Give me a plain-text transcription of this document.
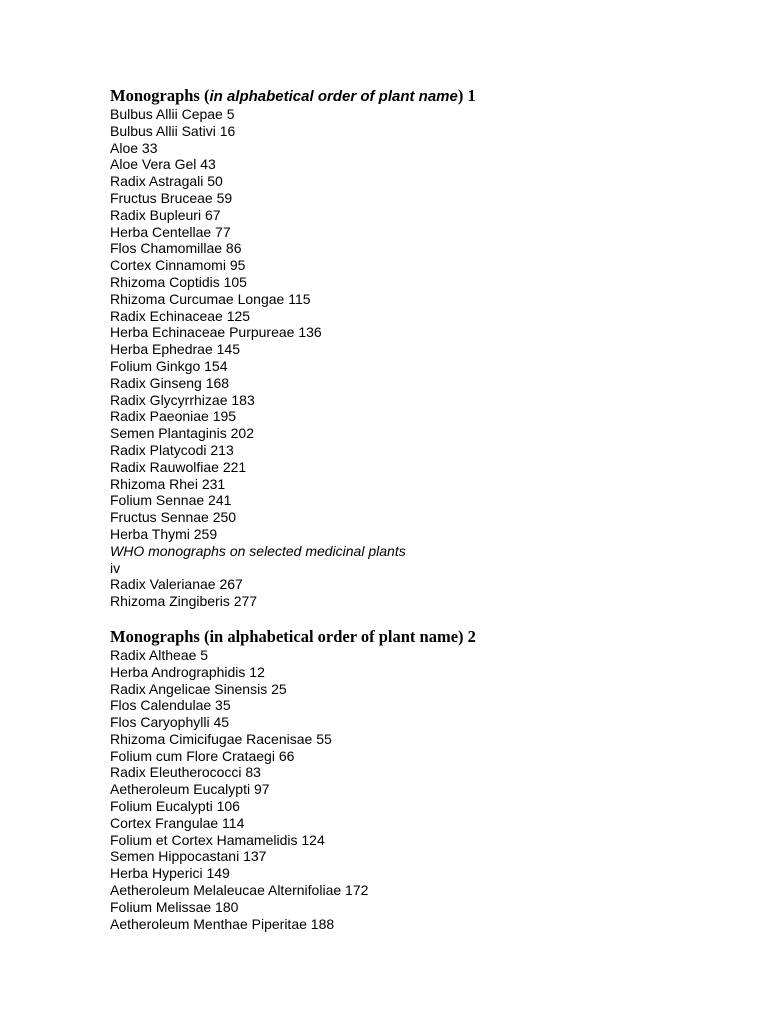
Monographs (in alphabetical order of plant name) 1
Bulbus Allii Cepae 5
Bulbus Allii Sativi 16
Aloe 33
Aloe Vera Gel 43
Radix Astragali 50
Fructus Bruceae 59
Radix Bupleuri 67
Herba Centellae 77
Flos Chamomillae 86
Cortex Cinnamomi 95
Rhizoma Coptidis 105
Rhizoma Curcumae Longae 115
Radix Echinaceae 125
Herba Echinaceae Purpureae 136
Herba Ephedrae 145
Folium Ginkgo 154
Radix Ginseng 168
Radix Glycyrrhizae 183
Radix Paeoniae 195
Semen Plantaginis 202
Radix Platycodi 213
Radix Rauwolfiae 221
Rhizoma Rhei 231
Folium Sennae 241
Fructus Sennae 250
Herba Thymi 259
WHO monographs on selected medicinal plants
iv
Radix Valerianae 267
Rhizoma Zingiberis 277
Monographs (in alphabetical order of plant name) 2
Radix Altheae 5
Herba Andrographidis 12
Radix Angelicae Sinensis 25
Flos Calendulae 35
Flos Caryophylli 45
Rhizoma Cimicifugae Racenisae 55
Folium cum Flore Crataegi 66
Radix Eleutherococci 83
Aetheroleum Eucalypti 97
Folium Eucalypti 106
Cortex Frangulae 114
Folium et Cortex Hamamelidis 124
Semen Hippocastani 137
Herba Hyperici 149
Aetheroleum Melaleucae Alternifoliae 172
Folium Melissae 180
Aetheroleum Menthae Piperitae 188
